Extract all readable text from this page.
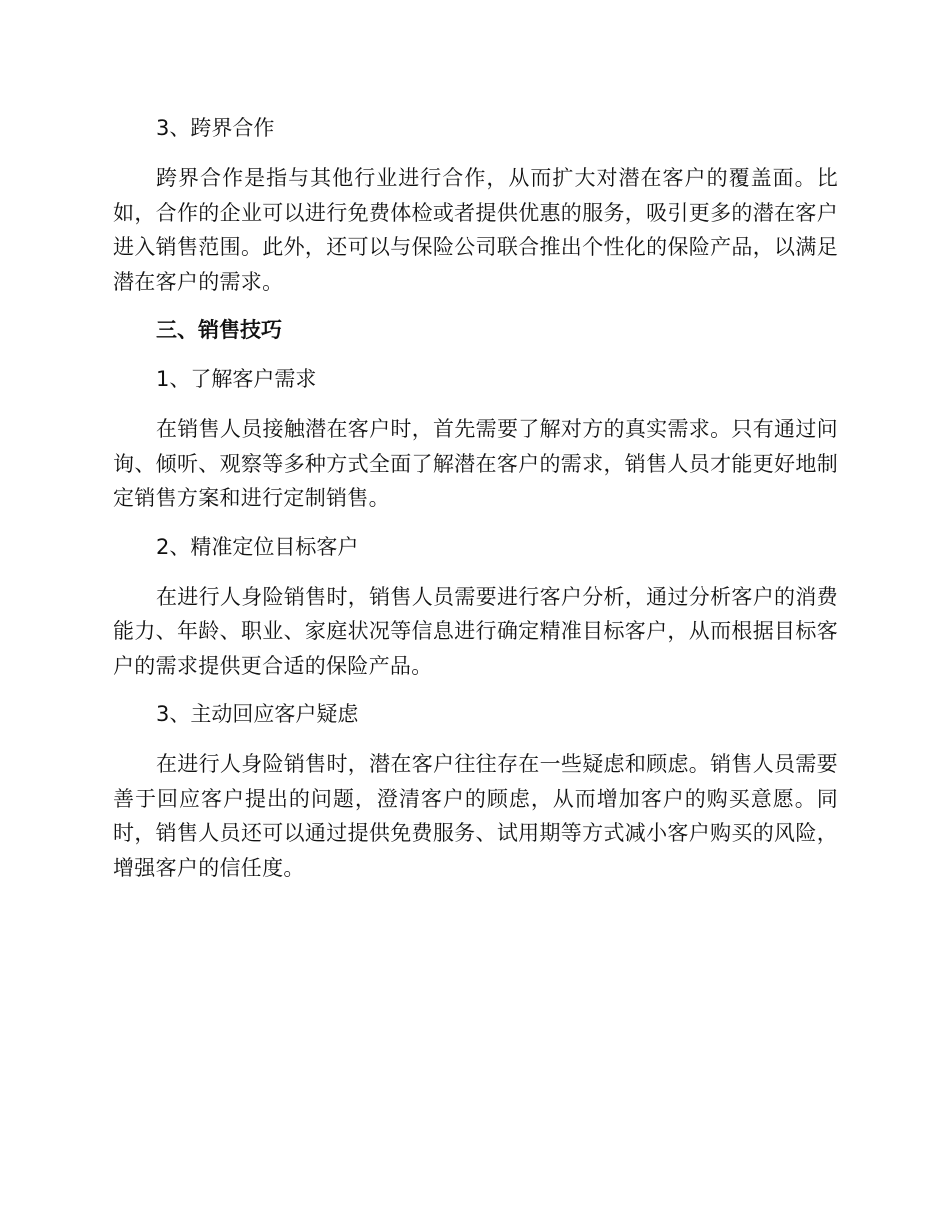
3、跨界合作

跨界合作是指与其他行业进行合作，从而扩大对潜在客户的覆盖面。比如，合作的企业可以进行免费体检或者提供优惠的服务，吸引更多的潜在客户进入销售范围。此外，还可以与保险公司联合推出个性化的保险产品，以满足潜在客户的需求。

三、销售技巧

1、了解客户需求

在销售人员接触潜在客户时，首先需要了解对方的真实需求。只有通过问询、倾听、观察等多种方式全面了解潜在客户的需求，销售人员才能更好地制定销售方案和进行定制销售。

2、精准定位目标客户

在进行人身险销售时，销售人员需要进行客户分析，通过分析客户的消费能力、年龄、职业、家庭状况等信息进行确定精准目标客户，从而根据目标客户的需求提供更合适的保险产品。

3、主动回应客户疑虑

在进行人身险销售时，潜在客户往往存在一些疑虑和顾虑。销售人员需要善于回应客户提出的问题，澄清客户的顾虑，从而增加客户的购买意愿。同时，销售人员还可以通过提供免费服务、试用期等方式减小客户购买的风险，增强客户的信任度。
